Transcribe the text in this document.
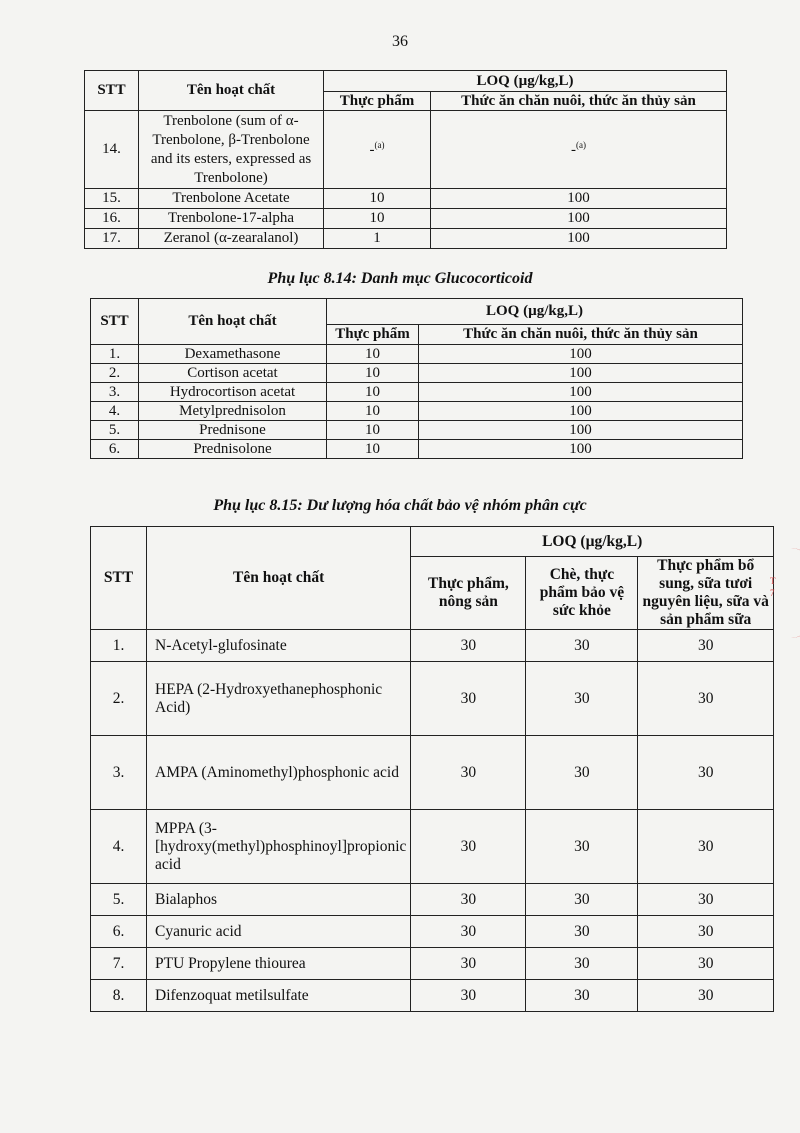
36
STT	Tên hoạt chất	LOQ (µg/kg,L)	
		Thực phẩm	Thức ăn chăn nuôi, thức ăn thủy sản
14.	Trenbolone (sum of α-Trenbolone, β-Trenbolone and its esters, expressed as Trenbolone)	-$^{(a)}$	-$^{(a)}$
15.	Trenbolone Acetate	10	100
16.	Trenbolone-17-alpha	10	100
17.	Zeranol (α-zearalanol)	1	100
Phụ lục 8.14: Danh mục Glucocorticoid
STT	Tên hoạt chất	LOQ (µg/kg,L)	
		Thực phẩm	Thức ăn chăn nuôi, thức ăn thủy sản
1.	Dexamethasone	10	100
2.	Cortison acetat	10	100
3.	Hydrocortison acetat	10	100
4.	Metylprednisolon	10	100
5.	Prednisone	10	100
6.	Prednisolone	10	100
Phụ lục 8.15: Dư lượng hóa chất bảo vệ nhóm phân cực
STT	Tên hoạt chất	LOQ (µg/kg,L)		
		Thực phẩm, nông sản	Chè, thực phẩm bảo vệ sức khỏe	Thực phẩm bổ sung, sữa tươi nguyên liệu, sữa và sản phẩm sữa
1.	N-Acetyl-glufosinate	30	30	30
2.	HEPA (2-Hydroxyethanephosphonic Acid)	30	30	30
3.	AMPA (Aminomethyl)phosphonic acid	30	30	30
4.	MPPA (3-[hydroxy(methyl)phosphinoyl]propionic acid	30	30	30
5.	Bialaphos	30	30	30
6.	Cyanuric acid	30	30	30
7.	PTU Propylene thiourea	30	30	30
8.	Difenzoquat metilsulfate	30	30	30
T
7
